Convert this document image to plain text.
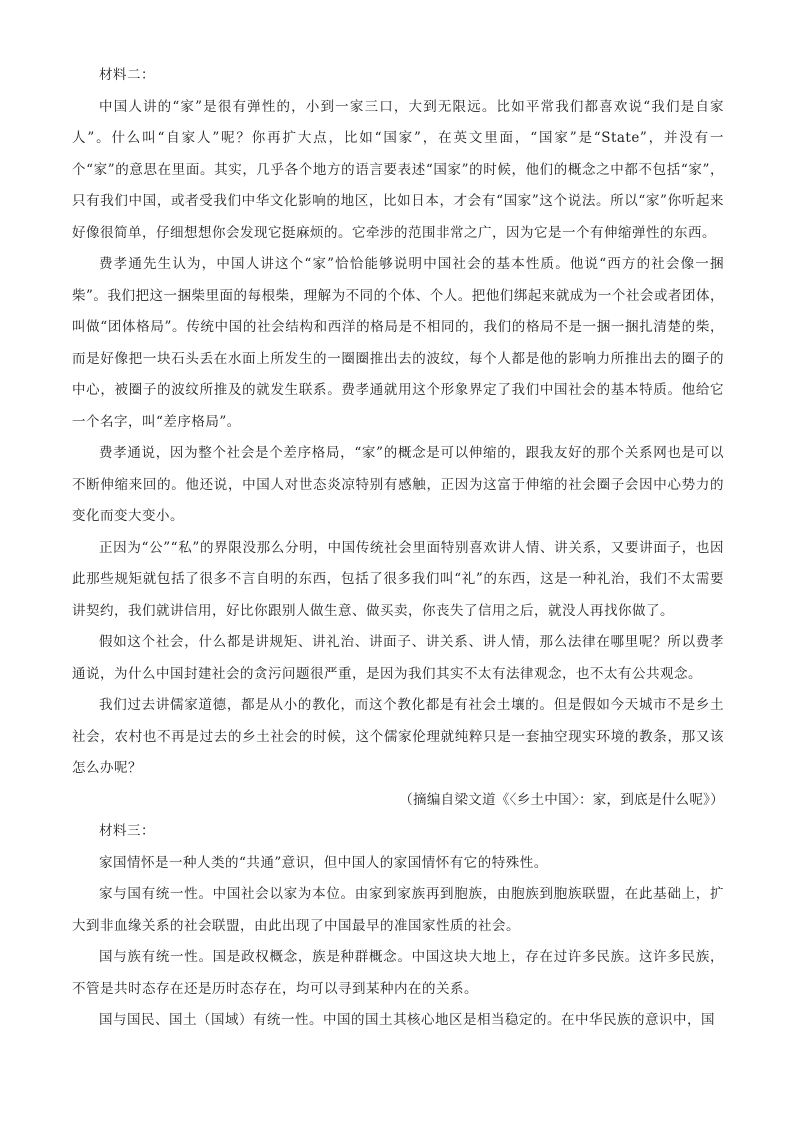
材料二：

中国人讲的“家”是很有弹性的，小到一家三口，大到无限远。比如平常我们都喜欢说“我们是自家人”。什么叫“自家人”呢？你再扩大点，比如“国家”，在英文里面，“国家”是“State”，并没有一个“家”的意思在里面。其实，几乎各个地方的语言要表述“国家”的时候，他们的概念之中都不包括“家”，只有我们中国，或者受我们中华文化影响的地区，比如日本，才会有“国家”这个说法。所以“家”你听起来好像很简单，仔细想想你会发现它挺麻烦的。它牵涉的范围非常之广，因为它是一个有伸缩弹性的东西。

费孝通先生认为，中国人讲这个“家”恰恰能够说明中国社会的基本性质。他说“西方的社会像一捆柴”。我们把这一捆柴里面的每根柴，理解为不同的个体、个人。把他们绑起来就成为一个社会或者团体，叫做“团体格局”。传统中国的社会结构和西洋的格局是不相同的，我们的格局不是一捆一捆扎清楚的柴，而是好像把一块石头丢在水面上所发生的一圈圈推出去的波纹，每个人都是他的影响力所推出去的圈子的中心，被圈子的波纹所推及的就发生联系。费孝通就用这个形象界定了我们中国社会的基本特质。他给它一个名字，叫“差序格局”。

费孝通说，因为整个社会是个差序格局，“家”的概念是可以伸缩的，跟我友好的那个关系网也是可以不断伸缩来回的。他还说，中国人对世态炎凉特别有感触，正因为这富于伸缩的社会圈子会因中心势力的变化而变大变小。

正因为“公”“私”的界限没那么分明，中国传统社会里面特别喜欢讲人情、讲关系，又要讲面子，也因此那些规矩就包括了很多不言自明的东西，包括了很多我们叫“礼”的东西，这是一种礼治，我们不太需要讲契约，我们就讲信用，好比你跟别人做生意、做买卖，你丧失了信用之后，就没人再找你做了。

假如这个社会，什么都是讲规矩、讲礼治、讲面子、讲关系、讲人情，那么法律在哪里呢？所以费孝通说，为什么中国封建社会的贪污问题很严重，是因为我们其实不太有法律观念，也不太有公共观念。

我们过去讲儒家道德，都是从小的教化，而这个教化都是有社会土壤的。但是假如今天城市不是乡土社会，农村也不再是过去的乡土社会的时候，这个儒家伦理就纯粹只是一套抽空现实环境的教条，那又该怎么办呢？

（摘编自梁文道《〈乡土中国〉：家，到底是什么呢》）

材料三：

家国情怀是一种人类的“共通”意识，但中国人的家国情怀有它的特殊性。

家与国有统一性。中国社会以家为本位。由家到家族再到胞族，由胞族到胞族联盟，在此基础上，扩大到非血缘关系的社会联盟，由此出现了中国最早的准国家性质的社会。

国与族有统一性。国是政权概念，族是种群概念。中国这块大地上，存在过许多民族。这许多民族，不管是共时态存在还是历时态存在，均可以寻到某种内在的关系。

国与国民、国土（国域）有统一性。中国的国土其核心地区是相当稳定的。在中华民族的意识中，国
